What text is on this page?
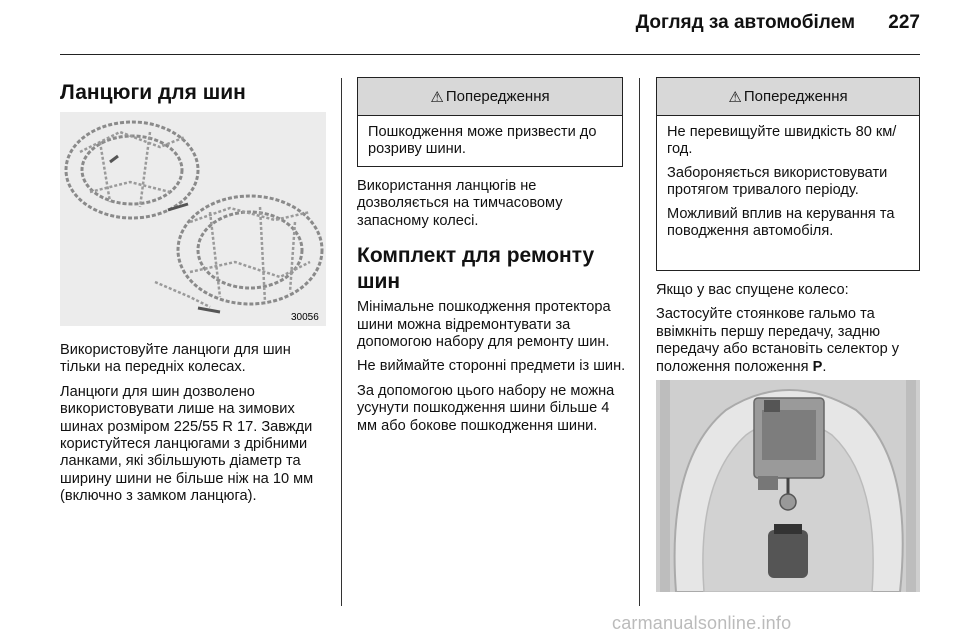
Догляд за автомобілем 227
Ланцюги для шин
30056

Використовуйте ланцюги для шин тільки на передніх колесах.

Ланцюги для шин дозволено використовувати лише на зимових шинах розміром 225/55 R 17. Завжди користуйтеся ланцюгами з дрібними ланками, які збільшують діаметр та ширину шини не більше ніж на 10 мм (включно з замком ланцюга).

⚠ Попередження

Пошкодження може призвести до розриву шини.

Використання ланцюгів не дозволяється на тимчасовому запасному колесі.

Комплект для ремонту шин

Мінімальне пошкодження протектора шини можна відремонтувати за допомогою набору для ремонту шин.

Не виймайте сторонні предмети із шин.

За допомогою цього набору не можна усунути пошкодження шини більше 4 мм або бокове пошкодження шини.

⚠ Попередження

Не перевищуйте швидкість 80 км/год.

Забороняється використовувати протягом тривалого періоду.

Можливий вплив на керування та поводження автомобіля.

Якщо у вас спущене колесо:

Застосуйте стоянкове гальмо та ввімкніть першу передачу, задню передачу або встановіть селектор у положення положення P.

carmanualsonline.info
